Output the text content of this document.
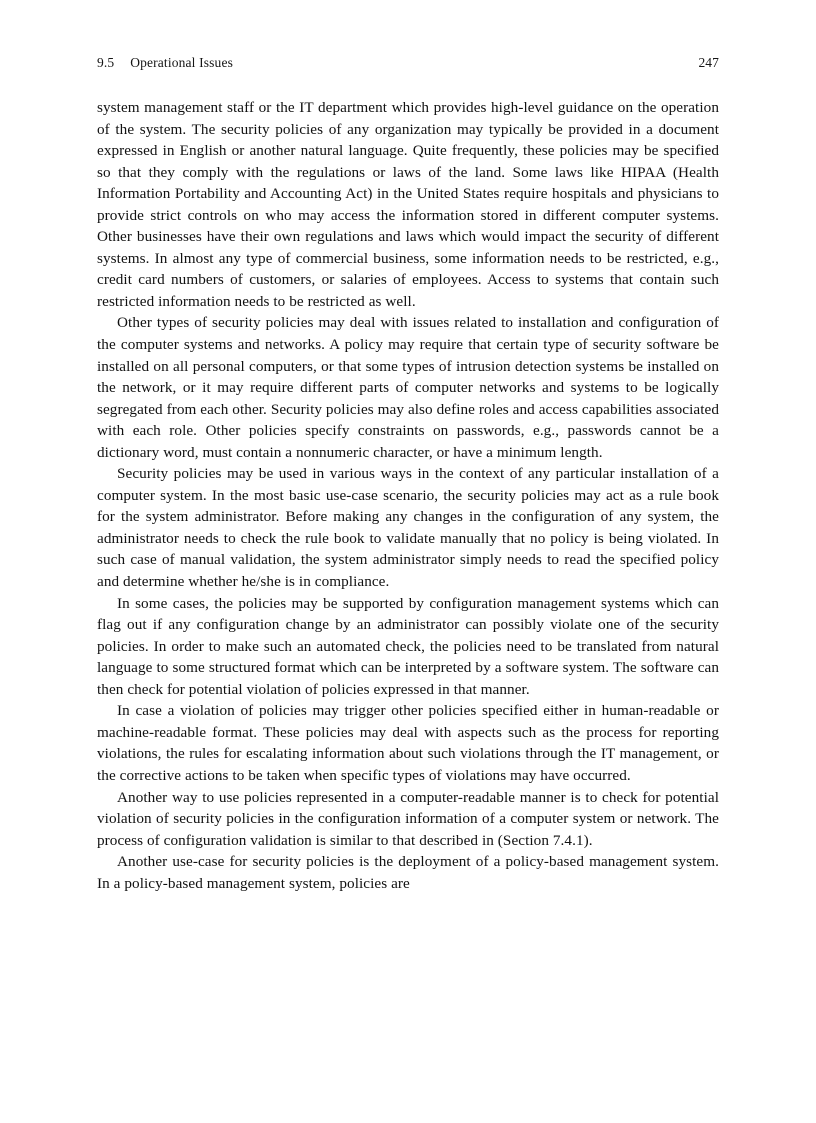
9.5 Operational Issues	247

system management staff or the IT department which provides high-level guidance on the operation of the system. The security policies of any organization may typically be provided in a document expressed in English or another natural language. Quite frequently, these policies may be specified so that they comply with the regulations or laws of the land. Some laws like HIPAA (Health Information Portability and Accounting Act) in the United States require hospitals and physicians to provide strict controls on who may access the information stored in different computer systems. Other businesses have their own regulations and laws which would impact the security of different systems. In almost any type of commercial business, some information needs to be restricted, e.g., credit card numbers of customers, or salaries of employees. Access to systems that contain such restricted information needs to be restricted as well.

Other types of security policies may deal with issues related to installation and configuration of the computer systems and networks. A policy may require that certain type of security software be installed on all personal computers, or that some types of intrusion detection systems be installed on the network, or it may require different parts of computer networks and systems to be logically segregated from each other. Security policies may also define roles and access capabilities associated with each role. Other policies specify constraints on passwords, e.g., passwords cannot be a dictionary word, must contain a nonnumeric character, or have a minimum length.

Security policies may be used in various ways in the context of any particular installation of a computer system. In the most basic use-case scenario, the security policies may act as a rule book for the system administrator. Before making any changes in the configuration of any system, the administrator needs to check the rule book to validate manually that no policy is being violated. In such case of manual validation, the system administrator simply needs to read the specified policy and determine whether he/she is in compliance.

In some cases, the policies may be supported by configuration management systems which can flag out if any configuration change by an administrator can possibly violate one of the security policies. In order to make such an automated check, the policies need to be translated from natural language to some structured format which can be interpreted by a software system. The software can then check for potential violation of policies expressed in that manner.

In case a violation of policies may trigger other policies specified either in human-readable or machine-readable format. These policies may deal with aspects such as the process for reporting violations, the rules for escalating information about such violations through the IT management, or the corrective actions to be taken when specific types of violations may have occurred.

Another way to use policies represented in a computer-readable manner is to check for potential violation of security policies in the configuration information of a computer system or network. The process of configuration validation is similar to that described in (Section 7.4.1).

Another use-case for security policies is the deployment of a policy-based management system. In a policy-based management system, policies are
